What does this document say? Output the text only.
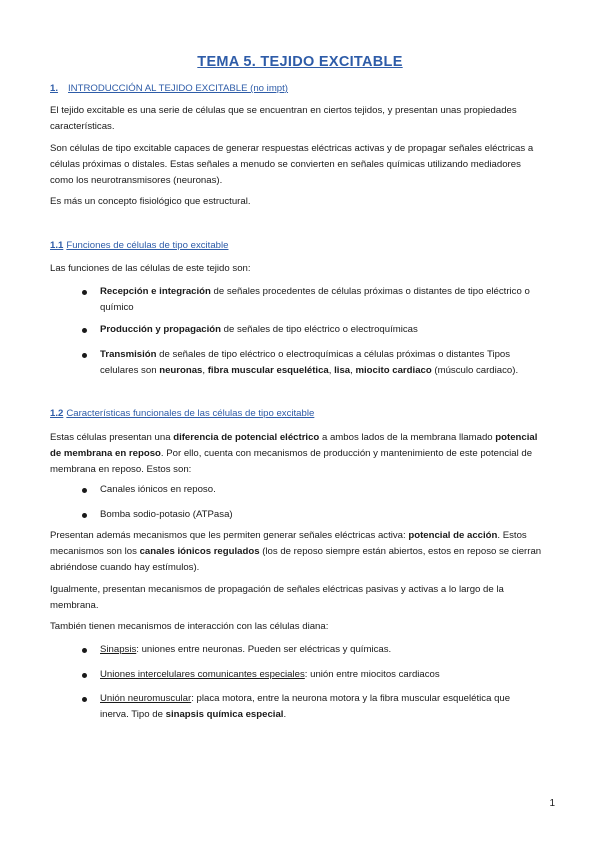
TEMA 5. TEJIDO EXCITABLE
1. INTRODUCCIÓN AL TEJIDO EXCITABLE (no impt)
El tejido excitable es una serie de células que se encuentran en ciertos tejidos, y presentan unas propiedades características.
Son células de tipo excitable capaces de generar respuestas eléctricas activas y de propagar señales eléctricas a células próximas o distales. Estas señales a menudo se convierten en señales químicas utilizando mediadores como los neurotransmisores (neuronas).
Es más un concepto fisiológico que estructural.
1.1 Funciones de células de tipo excitable
Las funciones de las células de este tejido son:
Recepción e integración de señales procedentes de células próximas o distantes de tipo eléctrico o químico
Producción y propagación de señales de tipo eléctrico o electroquímicas
Transmisión de señales de tipo eléctrico o electroquímicas a células próximas o distantes Tipos celulares son neuronas, fibra muscular esquelética, lisa, miocito cardiaco (músculo cardiaco).
1.2 Características funcionales de las células de tipo excitable
Estas células presentan una diferencia de potencial eléctrico a ambos lados de la membrana llamado potencial de membrana en reposo. Por ello, cuenta con mecanismos de producción y mantenimiento de este potencial de membrana en reposo. Estos son:
Canales iónicos en reposo.
Bomba sodio-potasio (ATPasa)
Presentan además mecanismos que les permiten generar señales eléctricas activa: potencial de acción. Estos mecanismos son los canales iónicos regulados (los de reposo siempre están abiertos, estos en reposo se cierran abriéndose cuando hay estímulos).
Igualmente, presentan mecanismos de propagación de señales eléctricas pasivas y activas a lo largo de la membrana.
También tienen mecanismos de interacción con las células diana:
Sinapsis: uniones entre neuronas. Pueden ser eléctricas y químicas.
Uniones intercelulares comunicantes especiales: unión entre miocitos cardiacos
Unión neuromuscular: placa motora, entre la neurona motora y la fibra muscular esquelética que inerva. Tipo de sinapsis química especial.
1
